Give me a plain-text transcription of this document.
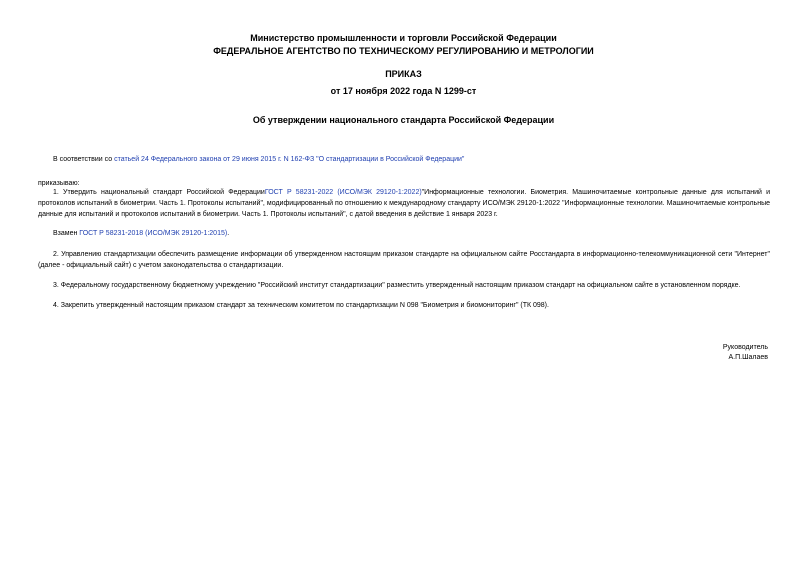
Министерство промышленности и торговли Российской Федерации
ФЕДЕРАЛЬНОЕ АГЕНТСТВО ПО ТЕХНИЧЕСКОМУ РЕГУЛИРОВАНИЮ И МЕТРОЛОГИИ
ПРИКАЗ
от 17 ноября 2022 года N 1299-ст
Об утверждении национального стандарта Российской Федерации
В соответствии со статьей 24 Федерального закона от 29 июня 2015 г. N 162-ФЗ "О стандартизации в Российской Федерации"
приказываю:
1. Утвердить национальный стандарт Российской ФедерацииГОСТ Р 58231-2022 (ИСО/МЭК 29120-1:2022)"Информационные технологии. Биометрия. Машиночитаемые контрольные данные для испытаний и протоколов испытаний в биометрии. Часть 1. Протоколы испытаний", модифицированный по отношению к международному стандарту ИСО/МЭК 29120-1:2022 "Информационные технологии. Машиночитаемые контрольные данные для испытаний и протоколов испытаний в биометрии. Часть 1. Протоколы испытаний", с датой введения в действие 1 января 2023 г.
Взамен ГОСТ Р 58231-2018 (ИСО/МЭК 29120-1:2015).
2. Управлению стандартизации обеспечить размещение информации об утвержденном настоящим приказом стандарте на официальном сайте Росстандарта в информационно-телекоммуникационной сети "Интернет" (далее - официальный сайт) с учетом законодательства о стандартизации.
3. Федеральному государственному бюджетному учреждению "Российский институт стандартизации" разместить утвержденный настоящим приказом стандарт на официальном сайте в установленном порядке.
4. Закрепить утвержденный настоящим приказом стандарт за техническим комитетом по стандартизации N 098 "Биометрия и биомониторинг" (ТК 098).
Руководитель
А.П.Шалаев
